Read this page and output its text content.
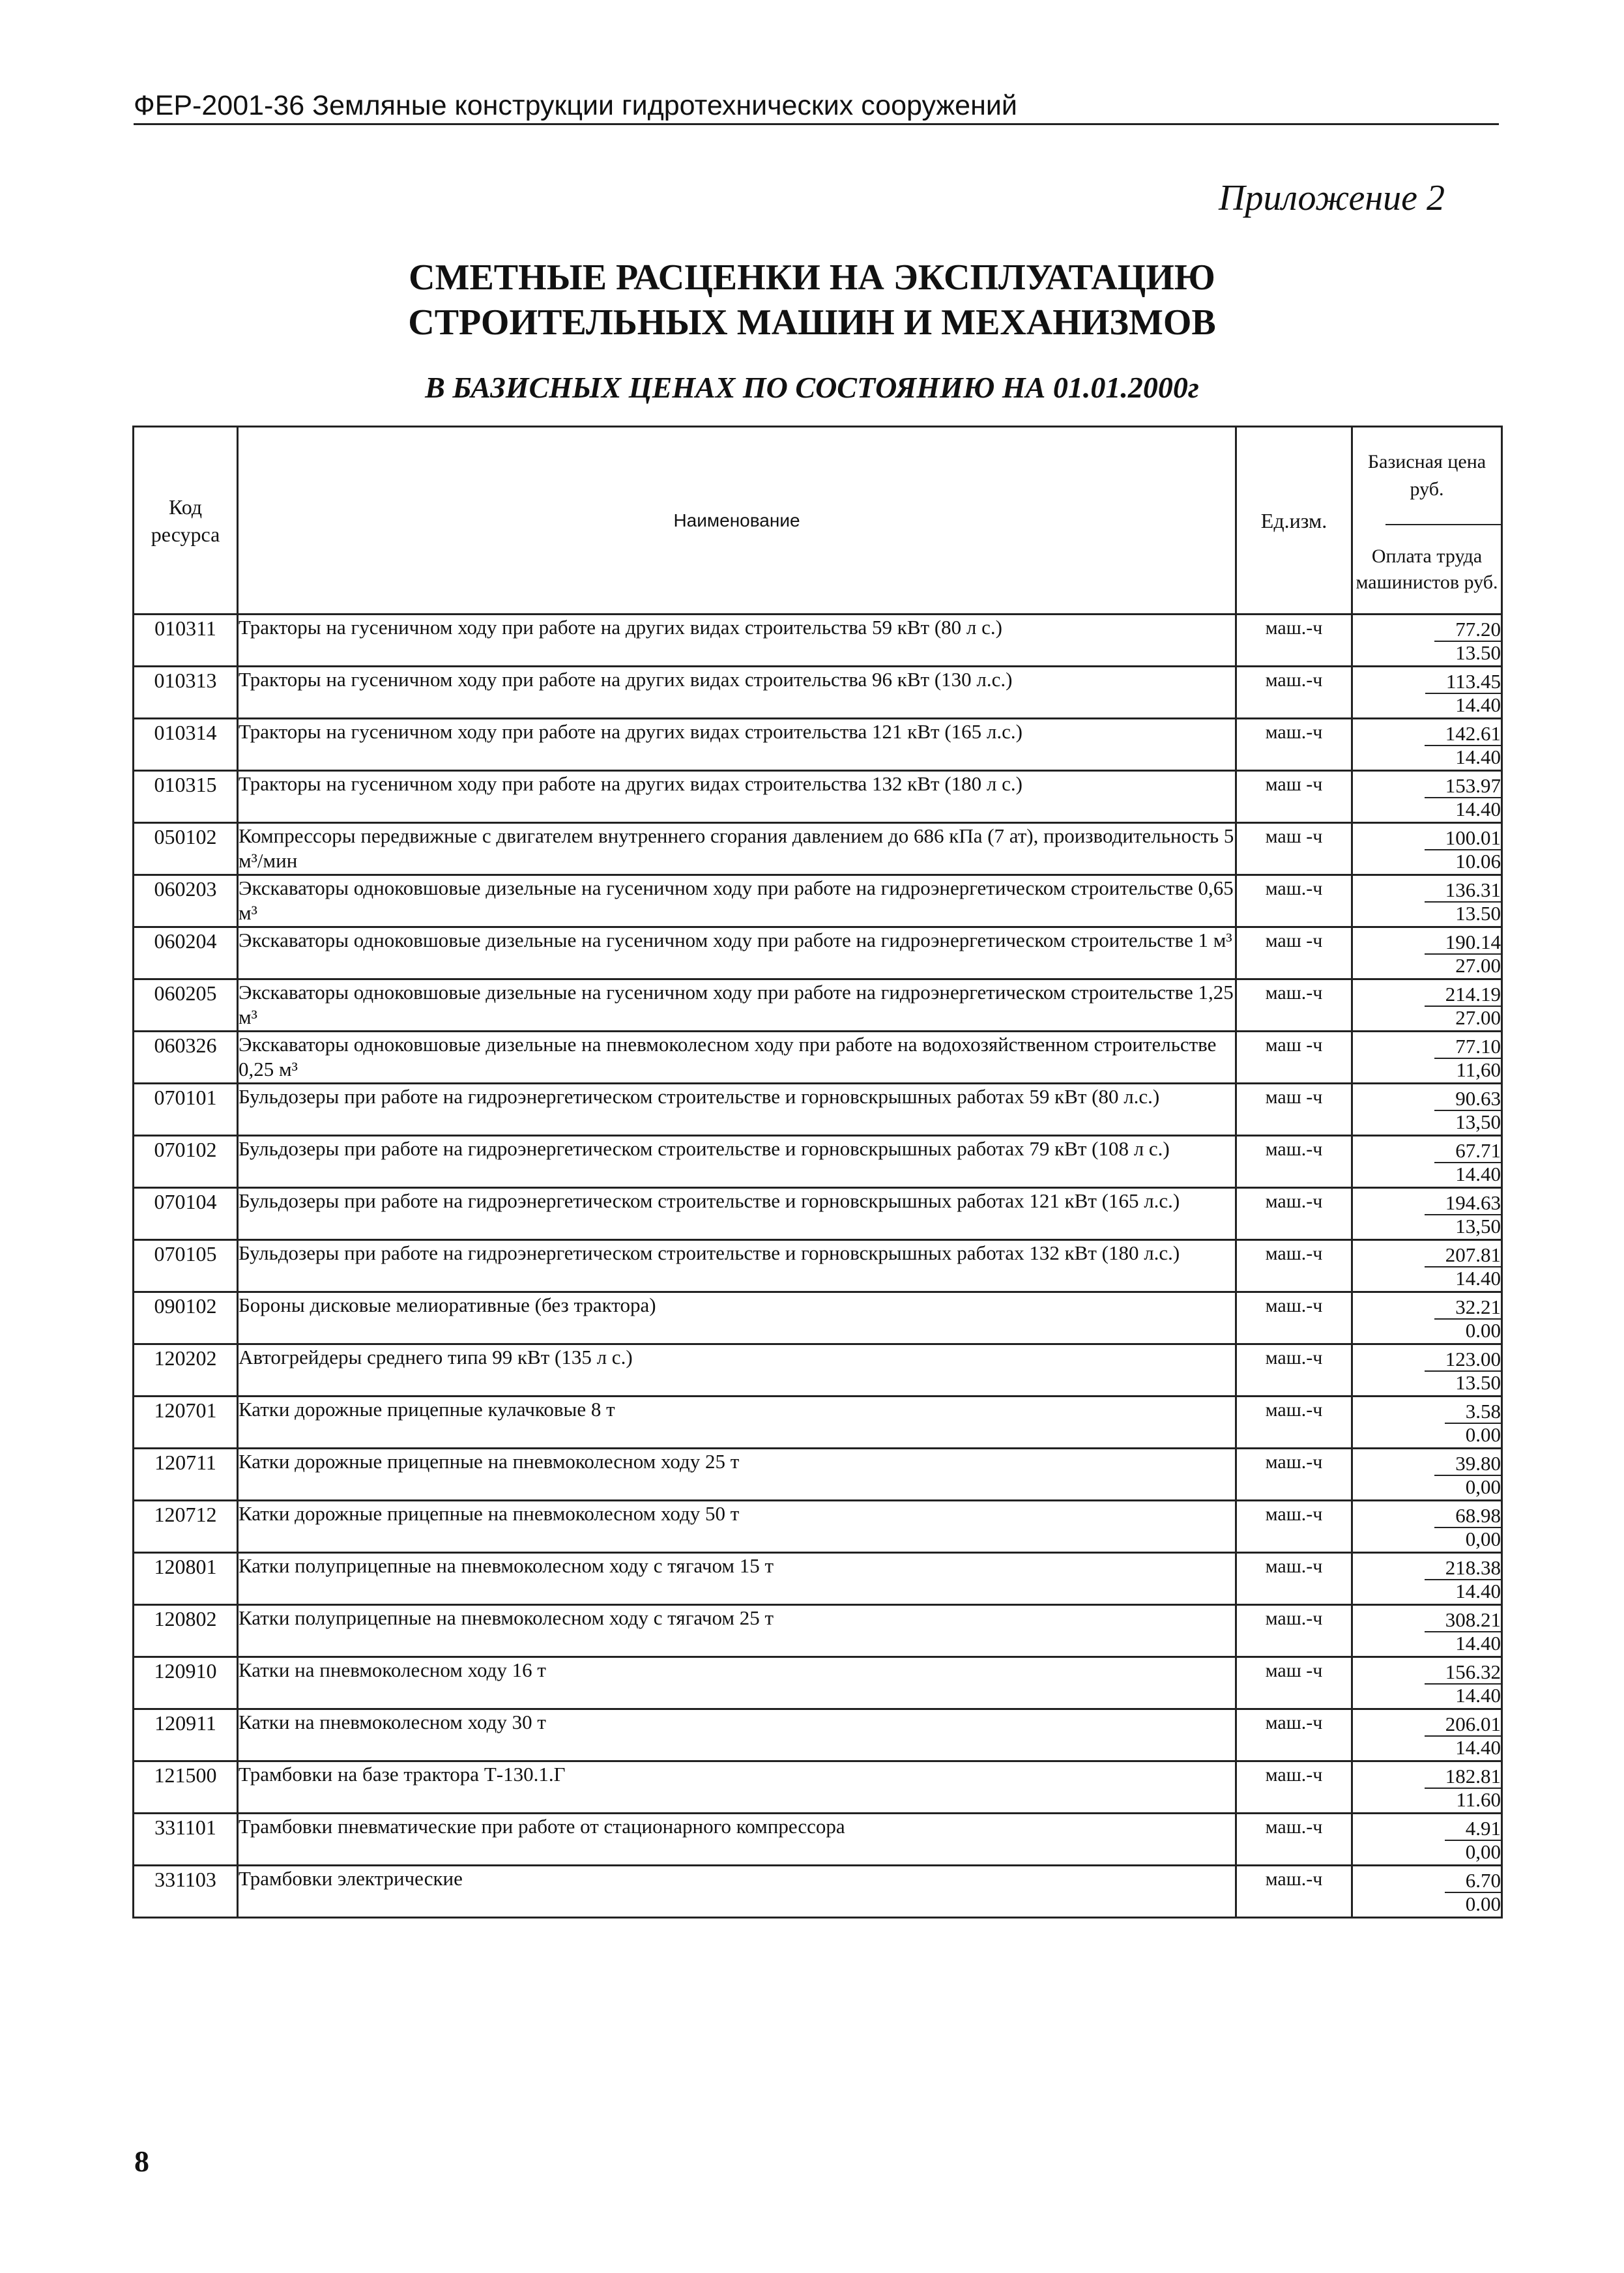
ФЕР-2001-36 Земляные конструкции гидротехнических сооружений
Приложение 2
СМЕТНЫЕ РАСЦЕНКИ НА ЭКСПЛУАТАЦИЮ
СТРОИТЕЛЬНЫХ МАШИН И МЕХАНИЗМОВ
В БАЗИСНЫХ ЦЕНАХ ПО СОСТОЯНИЮ НА 01.01.2000г
Код ресурса	Наименование	Ед.изм.	Базисная цена руб.
Оплата труда машинистов руб.

010311	Тракторы на гусеничном ходу при работе на других видах строительства 59 кВт (80 л с.)	маш.-ч	77.20
13.50

010313	Тракторы на гусеничном ходу при работе на других видах строительства 96 кВт (130 л.с.)	маш.-ч	113.45
14.40

010314	Тракторы на гусеничном ходу при работе на других видах строительства 121 кВт (165 л.с.)	маш.-ч	142.61
14.40

010315	Тракторы на гусеничном ходу при работе на других видах строительства 132 кВт (180 л с.)	маш -ч	153.97
14.40

050102	Компрессоры передвижные с двигателем внутреннего сгорания давлением до 686 кПа (7 ат), производительность 5 м³/мин	маш -ч	100.01
10.06

060203	Экскаваторы одноковшовые дизельные на гусеничном ходу при работе на гидроэнергетическом строительстве 0,65 м³	маш.-ч	136.31
13.50

060204	Экскаваторы одноковшовые дизельные на гусеничном ходу при работе на гидроэнергетическом строительстве 1 м³	маш -ч	190.14
27.00

060205	Экскаваторы одноковшовые дизельные на гусеничном ходу при работе на гидроэнергетическом строительстве 1,25 м³	маш.-ч	214.19
27.00

060326	Экскаваторы одноковшовые дизельные на пневмоколесном ходу при работе на водохозяйственном строительстве 0,25 м³	маш -ч	77.10
11,60

070101	Бульдозеры при работе на гидроэнергетическом строительстве и горновскрышных работах 59 кВт (80 л.с.)	маш -ч	90.63
13,50

070102	Бульдозеры при работе на гидроэнергетическом строительстве и горновскрышных работах 79 кВт (108 л с.)	маш.-ч	67.71
14.40

070104	Бульдозеры при работе на гидроэнергетическом строительстве и горновскрышных работах 121 кВт (165 л.с.)	маш.-ч	194.63
13,50

070105	Бульдозеры при работе на гидроэнергетическом строительстве и горновскрышных работах 132 кВт (180 л.с.)	маш.-ч	207.81
14.40

090102	Бороны дисковые мелиоративные (без трактора)	маш.-ч	32.21
0.00

120202	Автогрейдеры среднего типа 99 кВт (135 л с.)	маш.-ч	123.00
13.50

120701	Катки дорожные прицепные кулачковые 8 т	маш.-ч	3.58
0.00

120711	Катки дорожные прицепные на пневмоколесном ходу 25 т	маш.-ч	39.80
0,00

120712	Катки дорожные прицепные на пневмоколесном ходу 50 т	маш.-ч	68.98
0,00

120801	Катки полуприцепные на пневмоколесном ходу с тягачом 15 т	маш.-ч	218.38
14.40

120802	Катки полуприцепные на пневмоколесном ходу с тягачом 25 т	маш.-ч	308.21
14.40

120910	Катки на пневмоколесном ходу 16 т	маш -ч	156.32
14.40

120911	Катки на пневмоколесном ходу 30 т	маш.-ч	206.01
14.40

121500	Трамбовки на базе трактора Т-130.1.Г	маш.-ч	182.81
11.60

331101	Трамбовки пневматические при работе от стационарного компрессора	маш.-ч	4.91
0,00

331103	Трамбовки электрические	маш.-ч	6.70
0.00
8
